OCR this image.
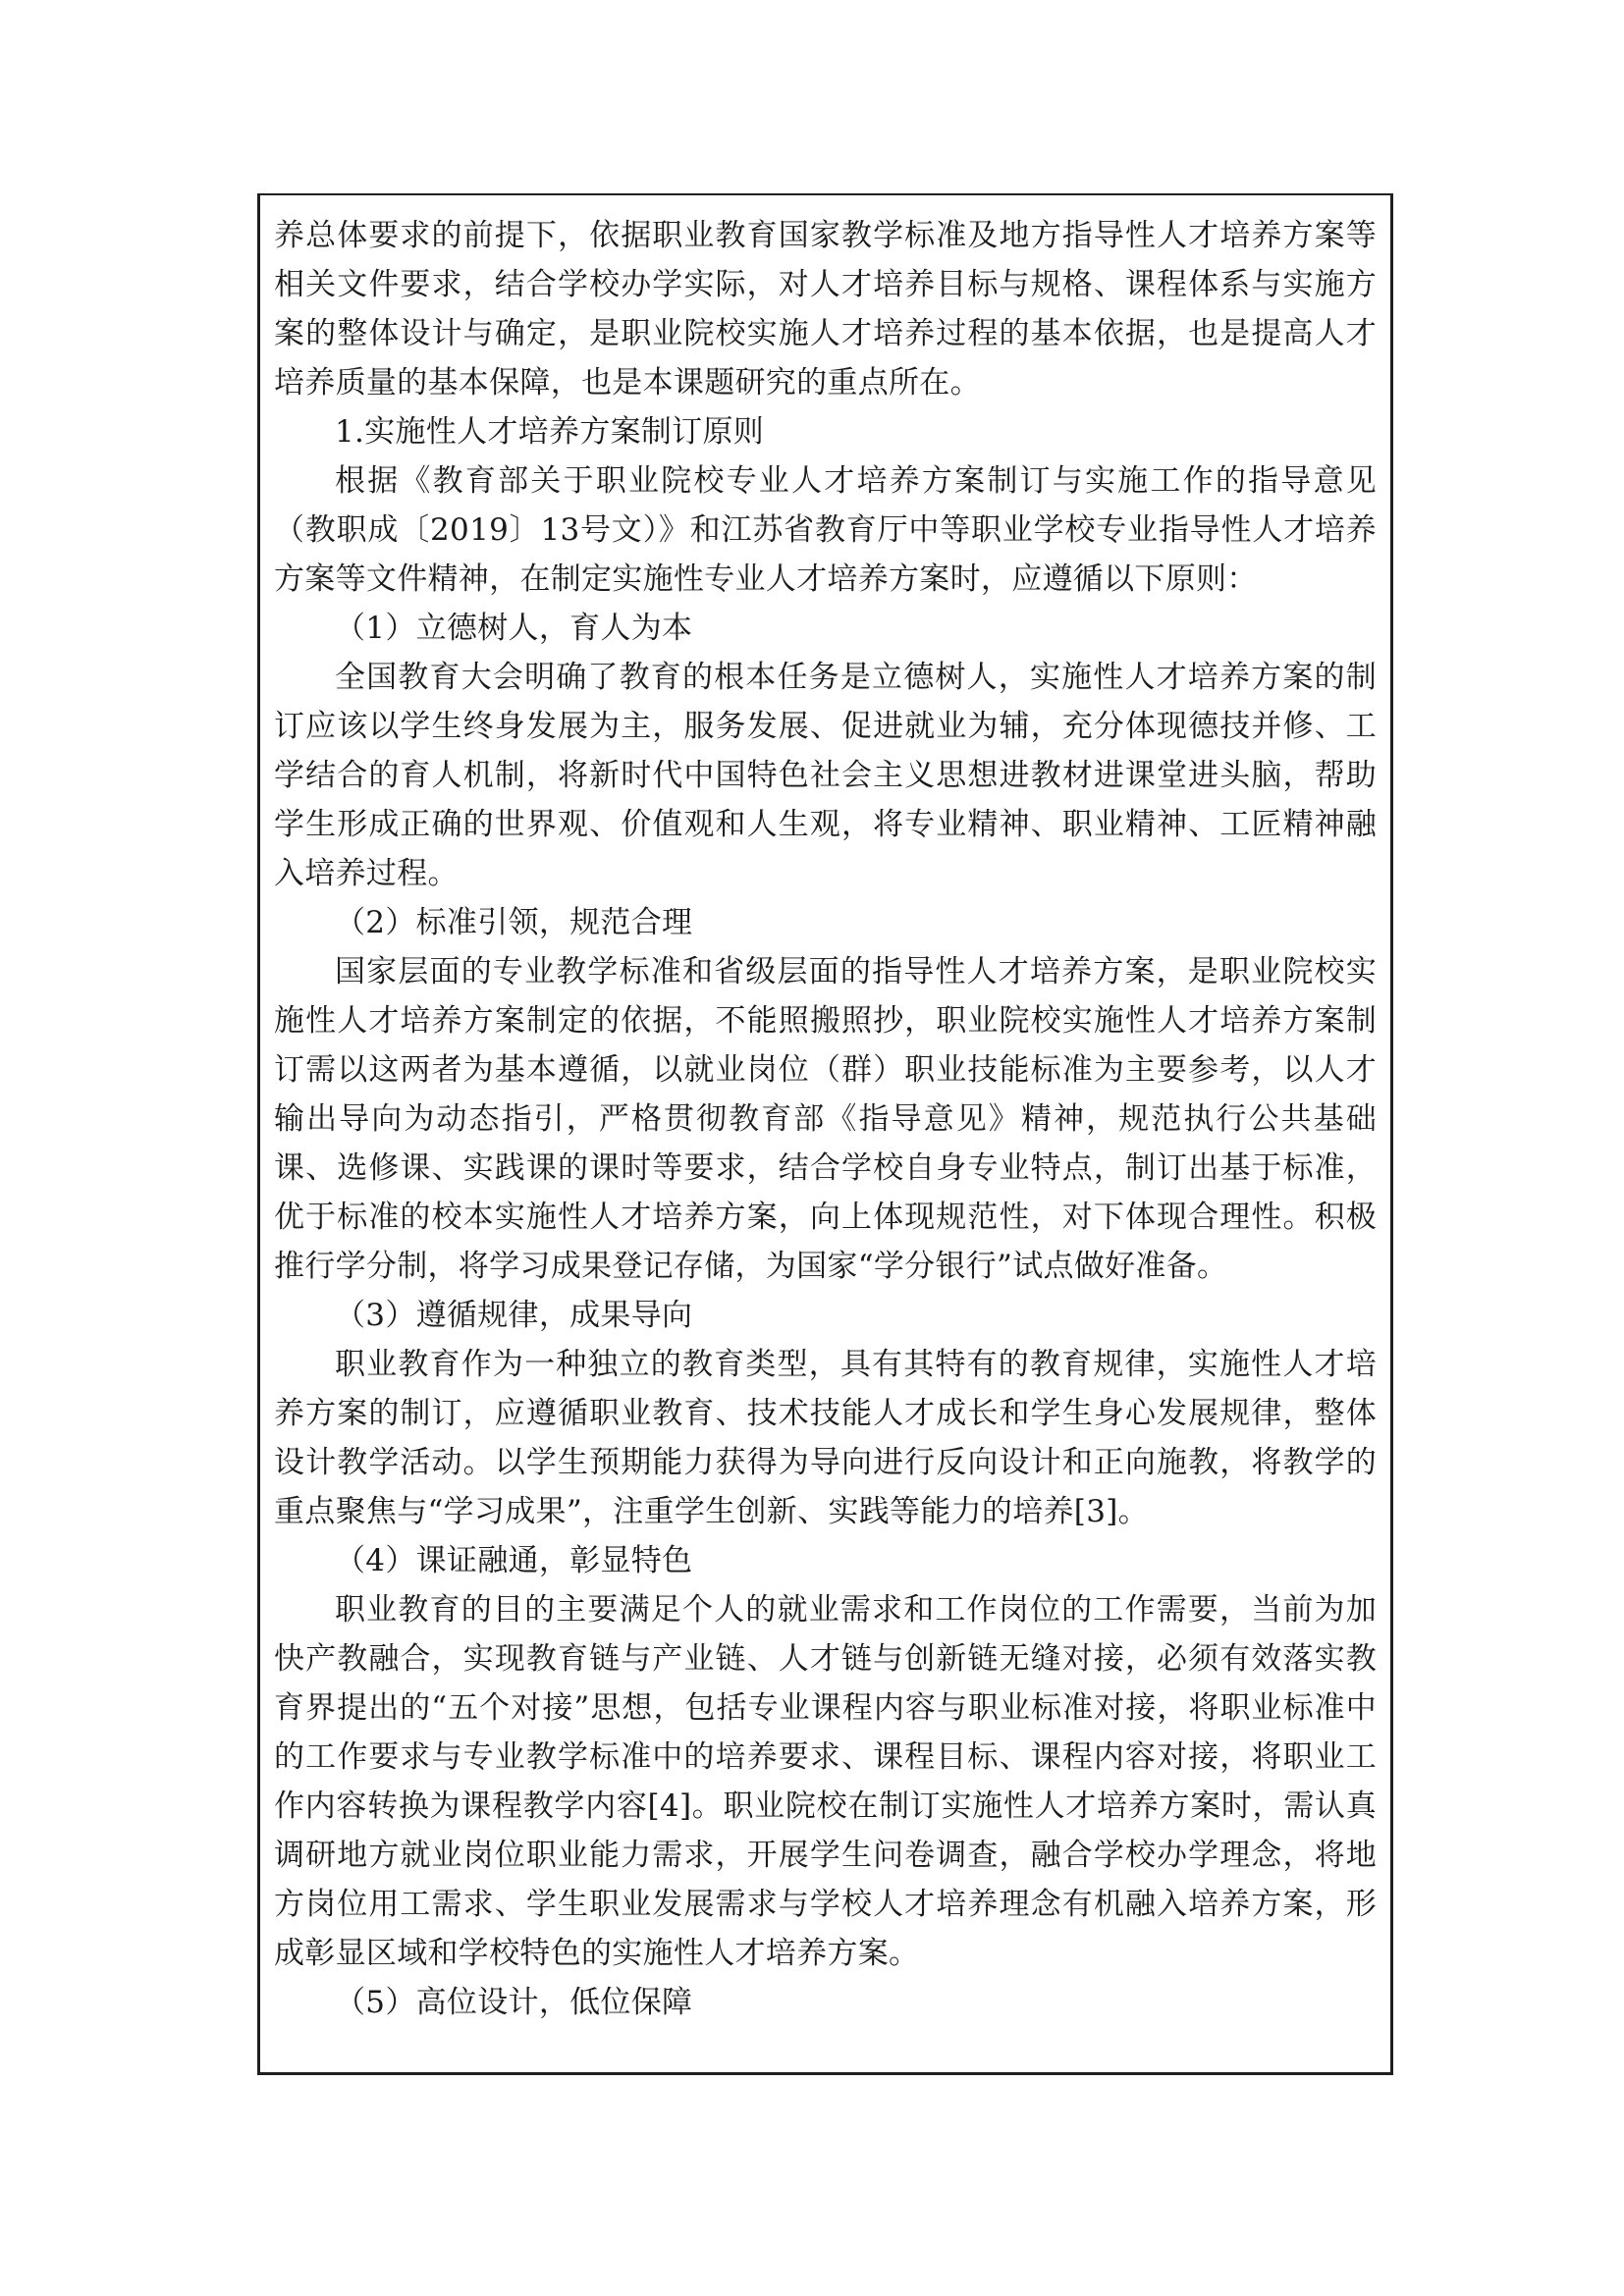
养总体要求的前提下，依据职业教育国家教学标准及地方指导性人才培养方案等相关文件要求，结合学校办学实际，对人才培养目标与规格、课程体系与实施方案的整体设计与确定，是职业院校实施人才培养过程的基本依据，也是提高人才培养质量的基本保障，也是本课题研究的重点所在。

1.实施性人才培养方案制订原则

根据《教育部关于职业院校专业人才培养方案制订与实施工作的指导意见（教职成〔2019〕13号文）》和江苏省教育厅中等职业学校专业指导性人才培养方案等文件精神，在制定实施性专业人才培养方案时，应遵循以下原则：

（1）立德树人，育人为本

全国教育大会明确了教育的根本任务是立德树人，实施性人才培养方案的制订应该以学生终身发展为主，服务发展、促进就业为辅，充分体现德技并修、工学结合的育人机制，将新时代中国特色社会主义思想进教材进课堂进头脑，帮助学生形成正确的世界观、价值观和人生观，将专业精神、职业精神、工匠精神融入培养过程。

（2）标准引领，规范合理

国家层面的专业教学标准和省级层面的指导性人才培养方案，是职业院校实施性人才培养方案制定的依据，不能照搬照抄，职业院校实施性人才培养方案制订需以这两者为基本遵循，以就业岗位（群）职业技能标准为主要参考，以人才输出导向为动态指引，严格贯彻教育部《指导意见》精神，规范执行公共基础课、选修课、实践课的课时等要求，结合学校自身专业特点，制订出基于标准，优于标准的校本实施性人才培养方案，向上体现规范性，对下体现合理性。积极推行学分制，将学习成果登记存储，为国家“学分银行”试点做好准备。

（3）遵循规律，成果导向

职业教育作为一种独立的教育类型，具有其特有的教育规律，实施性人才培养方案的制订，应遵循职业教育、技术技能人才成长和学生身心发展规律，整体设计教学活动。以学生预期能力获得为导向进行反向设计和正向施教，将教学的重点聚焦与“学习成果”，注重学生创新、实践等能力的培养[3]。

（4）课证融通，彰显特色

职业教育的目的主要满足个人的就业需求和工作岗位的工作需要，当前为加快产教融合，实现教育链与产业链、人才链与创新链无缝对接，必须有效落实教育界提出的“五个对接”思想，包括专业课程内容与职业标准对接，将职业标准中的工作要求与专业教学标准中的培养要求、课程目标、课程内容对接，将职业工作内容转换为课程教学内容[4]。职业院校在制订实施性人才培养方案时，需认真调研地方就业岗位职业能力需求，开展学生问卷调查，融合学校办学理念，将地方岗位用工需求、学生职业发展需求与学校人才培养理念有机融入培养方案，形成彰显区域和学校特色的实施性人才培养方案。

（5）高位设计，低位保障
